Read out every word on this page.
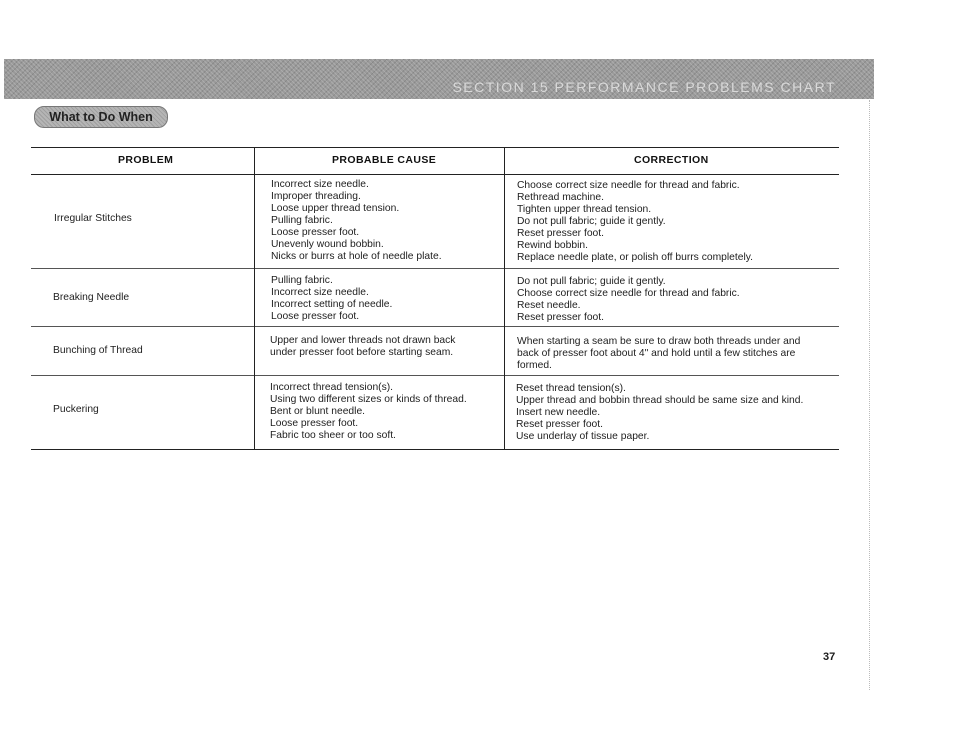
SECTION 15 PERFORMANCE PROBLEMS CHART
What to Do When
PROBLEM	PROBABLE CAUSE	CORRECTION
Irregular Stitches
Incorrect size needle.
Improper threading.
Loose upper thread tension.
Pulling fabric.
Loose presser foot.
Unevenly wound bobbin.
Nicks or burrs at hole of needle plate.
Choose correct size needle for thread and fabric.
Rethread machine.
Tighten upper thread tension.
Do not pull fabric; guide it gently.
Reset presser foot.
Rewind bobbin.
Replace needle plate, or polish off burrs completely.
Breaking Needle
Pulling fabric.
Incorrect size needle.
Incorrect setting of needle.
Loose presser foot.
Do not pull fabric; guide it gently.
Choose correct size needle for thread and fabric.
Reset needle.
Reset presser foot.
Bunching of Thread
Upper and lower threads not drawn back
under presser foot before starting seam.
When starting a seam be sure to draw both threads under and
back of presser foot about 4" and hold until a few stitches are
formed.
Puckering
Incorrect thread tension(s).
Using two different sizes or kinds of thread.
Bent or blunt needle.
Loose presser foot.
Fabric too sheer or too soft.
Reset thread tension(s).
Upper thread and bobbin thread should be same size and kind.
Insert new needle.
Reset presser foot.
Use underlay of tissue paper.
37
